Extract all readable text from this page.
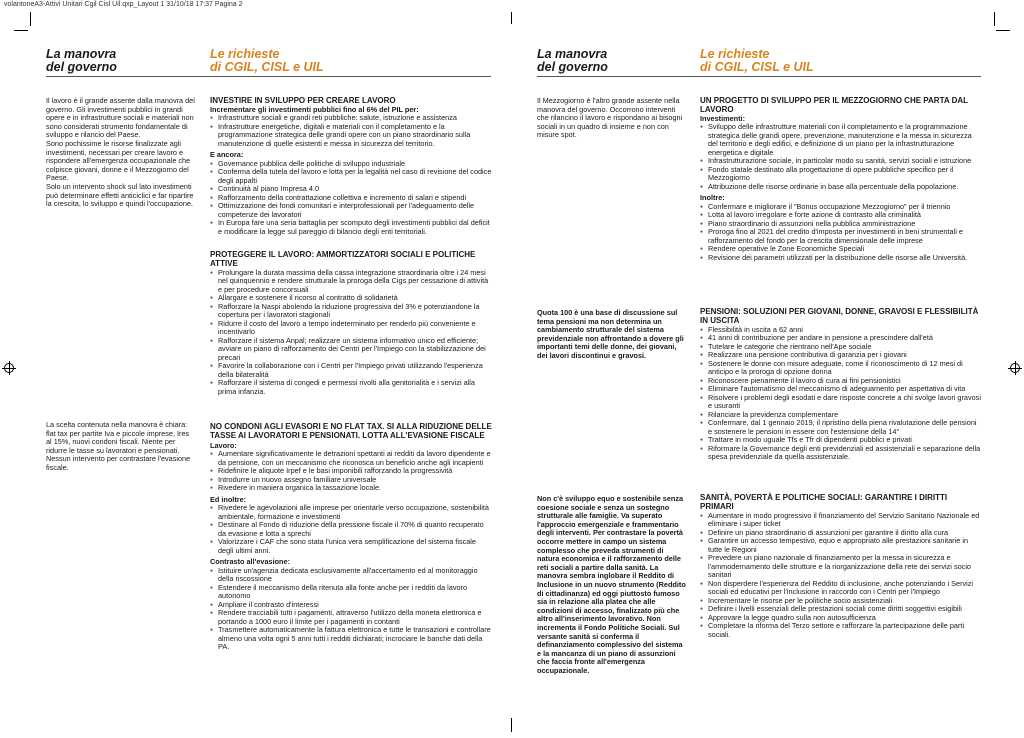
volantoneA3-Attivi Unitari Cgil Cisl Uil.qxp_Layout 1 31/10/18 17:37 Pagina 2
La manovra
del governo
Le richieste
di CGIL, CISL e UIL
La manovra
del governo
Le richieste
di CGIL, CISL e UIL

Il lavoro è il grande assente dalla manovra del governo. Gli investimenti pubblici in grandi opere e in infrastrutture sociali e materiali non sono considerati strumento fondamentale di sviluppo e rilancio del Paese.

Sono pochissime le risorse finalizzate agli investimenti, necessari per creare lavoro e rispondere all'emergenza occupazionale che colpisce giovani, donne e il Mezzogiorno del Paese.

Solo un intervento shock sul lato investimenti può determinare effetti anticiclici e far ripartire la crescita, lo sviluppo e quindi l'occupazione.

La scelta contenuta nella manovra è chiara: flat tax per partite Iva e piccole imprese, Ires al 15%, nuovi condoni fiscali. Niente per ridurre le tasse su lavoratori e pensionati.

Nessun intervento per contrastare l'evasione fiscale.

INVESTIRE IN SVILUPPO PER CREARE LAVORO
Incrementare gli investimenti pubblici fino al 6% del PIL per:
● Infrastrutture sociali e grandi reti pubbliche: salute, istruzione e assistenza
● Infrastrutture energetiche, digitali e materiali con il completamento e la programmazione strategica delle grandi opere con un piano straordinario sulla manutenzione di quelle esistenti e messa in sicurezza del territorio.
E ancora:
● Governance pubblica delle politiche di sviluppo industriale
● Conferma della tutela del lavoro e lotta per la legalità nel caso di revisione del codice degli appalti
● Continuità al piano Impresa 4.0
● Rafforzamento della contrattazione collettiva e incremento di salari e stipendi
● Ottimizzazione dei fondi comunitari e interprofessionali per l'adeguamento delle competenze dei lavoratori
● In Europa fare una seria battaglia per scomputo degli investimenti pubblici dal deficit e modificare la legge sul pareggio di bilancio degli enti territoriali.
PROTEGGERE IL LAVORO: AMMORTIZZATORI SOCIALI E POLITICHE ATTIVE
● Prolungare la durata massima della cassa integrazione straordinaria oltre i 24 mesi nel quinquennio e rendere strutturale la proroga della Cigs per cessazione di attività e per procedure concorsuali
● Allargare e sostenere il ricorso al contratto di solidarietà
● Rafforzare la Naspi abolendo la riduzione progressiva del 3% e potenziandone la copertura per i lavoratori stagionali
● Ridurre il costo del lavoro a tempo indeterminato per renderlo più conveniente e incentivarlo
● Rafforzare il sistema Anpal; realizzare un sistema informativo unico ed efficiente; avviare un piano di rafforzamento dei Centri per l'Impiego con la stabilizzazione dei precari
● Favorire la collaborazione con i Centri per l'Impiego privati utilizzando l'esperienza della bilateralità
● Rafforzare il sistema di congedi e permessi rivolti alla genitorialità e i servizi alla prima infanzia.
NO CONDONI AGLI EVASORI E NO FLAT TAX. SI ALLA RIDUZIONE DELLE TASSE AI LAVORATORI E PENSIONATI. LOTTA ALL'EVASIONE FISCALE
Lavoro:
● Aumentare significativamente le detrazioni spettanti ai redditi da lavoro dipendente e da pensione, con un meccanismo che riconosca un beneficio anche agli incapienti
● Ridefinire le aliquote Irpef e le basi imponibili rafforzando la progressività
● Introdurre un nuovo assegno familiare universale
● Rivedere in maniera organica la tassazione locale.
Ed inoltre:
● Rivedere le agevolazioni alle imprese per orientarle verso occupazione, sostenibilità ambientale, formazione e investimenti
● Destinare al Fondo di riduzione della pressione fiscale il 70% di quanto recuperato da evasione e lotta a sprechi
● Valorizzare i CAF che sono stata l'unica vera semplificazione del sistema fiscale degli ultimi anni.
Contrasto all'evasione:
● Istituire un'agenzia dedicata esclusivamente all'accertamento ed al monitoraggio della riscossione
● Estendere il meccanismo della ritenuta alla fonte anche per i redditi da lavoro autonomo
● Ampliare il contrasto d'interessi
● Rendere tracciabili tutti i pagamenti, attraverso l'utilizzo della moneta elettronica e portando a 1000 euro il limite per i pagamenti in contanti
● Trasmettere automaticamente la fattura elettronica e tutte le transazioni e controllare almeno una volta ogni 5 anni tutti i redditi dichiarati; incrociare le banche dati della PA.

Il Mezzogiorno è l'altro grande assente nella manovra del governo. Occorrono interventi che rilancino il lavoro e rispondano ai bisogni sociali in un quadro di insieme e non con misure spot.

Quota 100 è una base di discussione sul tema pensioni ma non determina un cambiamento strutturale del sistema previdenziale non affrontando a dovere gli importanti temi delle donne, dei giovani, dei lavori discontinui e gravosi.

Non c'è sviluppo equo e sostenibile senza coesione sociale e senza un sostegno strutturale alle famiglie. Va superato l'approccio emergenziale e frammentario degli interventi. Per contrastare la povertà occorre mettere in campo un sistema complesso che preveda strumenti di natura economica e il rafforzamento delle reti sociali a partire dalla sanità. La manovra sembra inglobare il Reddito di Inclusione in un nuovo strumento (Reddito di cittadinanza) ed oggi piuttosto fumoso sia in relazione alla platea che alle condizioni di accesso, finalizzato più che altro all'inserimento lavorativo. Non incrementa il Fondo Politiche Sociali. Sul versante sanità si conferma il definanziamento complessivo del sistema e la mancanza di un piano di assunzioni che faccia fronte all'emergenza occupazionale.

UN PROGETTO DI SVILUPPO PER IL MEZZOGIORNO CHE PARTA DAL LAVORO
Investimenti:
● Sviluppo delle infrastrutture materiali con il completamento e la programmazione strategica delle grandi opere, prevenzione, manutenzione e la messa in sicurezza del territorio e degli edifici, e definizione di un piano per la infrastrutturazione energetica e digitale
● Infrastrutturazione sociale, in particolar modo su sanità, servizi sociali e istruzione
● Fondo statale destinato alla progettazione di opere pubbliche specifico per il Mezzogiorno
● Attribuzione delle risorse ordinarie in base alla percentuale della popolazione.
Inoltre:
● Confermare e migliorare il "Bonus occupazione Mezzogiorno" per il triennio
● Lotta al lavoro irregolare e forte azione di contrasto alla criminalità
● Piano straordinario di assunzioni nella pubblica amministrazione
● Proroga fino al 2021 del credito d'imposta per investimenti in beni strumentali e rafforzamento del fondo per la crescita dimensionale delle imprese
● Rendere operative le Zone Economiche Speciali
● Revisione dei parametri utilizzati per la distribuzione delle risorse alle Università.
PENSIONI: SOLUZIONI PER GIOVANI, DONNE, GRAVOSI E FLESSIBILITÀ IN USCITA
● Flessibilità in uscita a 62 anni
● 41 anni di contribuzione per andare in pensione a prescindere dall'età
● Tutelare le categorie che rientrano nell'Ape sociale
● Realizzare una pensione contributiva di garanzia per i giovani
● Sostenere le donne con misure adeguate, come il riconoscimento di 12 mesi di anticipo e la proroga di opzione donna
● Riconoscere pienamente il lavoro di cura ai fini pensionistici
● Eliminare l'automatismo del meccanismo di adeguamento per aspettativa di vita
● Risolvere i problemi degli esodati e dare risposte concrete a chi svolge lavori gravosi e usuranti
● Rilanciare la previdenza complementare
● Confermare, dal 1 gennaio 2019, il ripristino della piena rivalutazione delle pensioni e sostenere le pensioni in essere con l'estensione della 14°
● Trattare in modo uguale Tfs e Tfr di dipendenti pubblici e privati
● Riformare la Governance degli enti previdenziali ed assistenziali e separazione della spesa previdenziale da quella assistenziale.
SANITÀ, POVERTÀ E POLITICHE SOCIALI: GARANTIRE I DIRITTI PRIMARI
● Aumentare in modo progressivo il finanziamento del Servizio Sanitario Nazionale ed eliminare i super ticket
● Definire un piano straordinario di assunzioni per garantire il diritto alla cura
● Garantire un accesso tempestivo, equo e appropriato alle prestazioni sanitarie in tutte le Regioni
● Prevedere un piano nazionale di finanziamento per la messa in sicurezza e l'ammodernamento delle strutture e la riorganizzazione della rete dei servizi socio sanitari
● Non disperdere l'esperienza del Reddito di inclusione, anche potenziando i Servizi sociali ed educativi per l'inclusione in raccordo con i Centri per l'Impiego
● Incrementare le risorse per le politiche socio assistenziali
● Definire i livelli essenziali delle prestazioni sociali come diritti soggettivi esigibili
● Approvare la legge quadro sulla non autosufficienza
● Completare la riforma del Terzo settore e rafforzare la partecipazione delle parti sociali.
